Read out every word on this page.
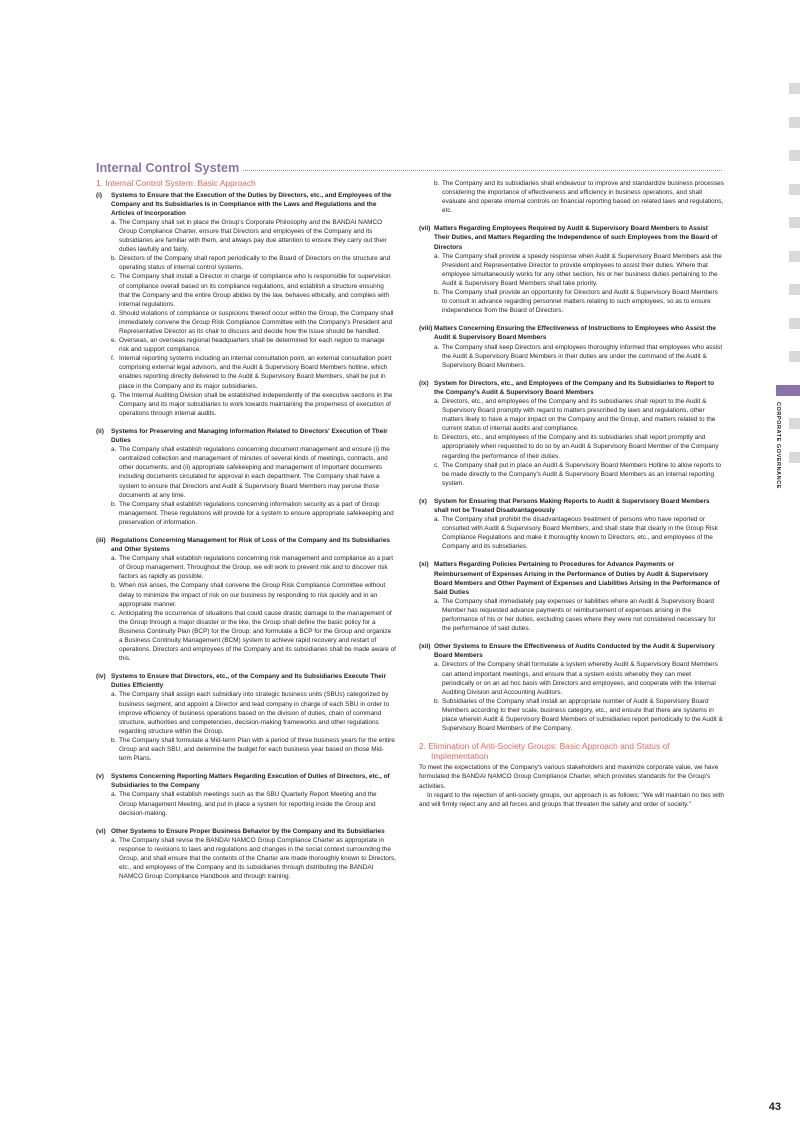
Internal Control System
1. Internal Control System: Basic Approach
(i)	Systems to Ensure that the Execution of the Duties by Directors, etc., and Employees of the Company and Its Subsidiaries Is in Compliance with the Laws and Regulations and the Articles of Incorporation
a. The Company shall set in place the Group's Corporate Philosophy and the BANDAI NAMCO Group Compliance Charter, ensure that Directors and employees of the Company and its subsidiaries are familiar with them, and always pay due attention to ensure they carry out their duties lawfully and fairly.
b. Directors of the Company shall report periodically to the Board of Directors on the structure and operating status of internal control systems.
c. The Company shall install a Director in charge of compliance who is responsible for supervision of compliance overall based on its compliance regulations, and establish a structure ensuring that the Company and the entire Group abides by the law, behaves ethically, and complies with internal regulations.
d. Should violations of compliance or suspicions thereof occur within the Group, the Company shall immediately convene the Group Risk Compliance Committee with the Company's President and Representative Director as its chair to discuss and decide how the issue should be handled.
e. Overseas, an overseas regional headquarters shall be determined for each region to manage risk and support compliance.
f. Internal reporting systems including an internal consultation point, an external consultation point comprising external legal advisors, and the Audit & Supervisory Board Members hotline, which enables reporting directly delivered to the Audit & Supervisory Board Members, shall be put in place in the Company and its major subsidiaries.
g. The Internal Auditing Division shall be established independently of the executive sections in the Company and its major subsidiaries to work towards maintaining the properness of execution of operations through internal audits.
(ii)	Systems for Preserving and Managing Information Related to Directors' Execution of Their Duties
a. The Company shall establish regulations concerning document management and ensure (i) the centralized collection and management of minutes of several kinds of meetings, contracts, and other documents, and (ii) appropriate safekeeping and management of important documents including documents circulated for approval in each department. The Company shall have a system to ensure that Directors and Audit & Supervisory Board Members may peruse those documents at any time.
b. The Company shall establish regulations concerning information security as a part of Group management. These regulations will provide for a system to ensure appropriate safekeeping and preservation of information.
(iii) Regulations Concerning Management for Risk of Loss of the Company and Its Subsidiaries and Other Systems
a. The Company shall establish regulations concerning risk management and compliance as a part of Group management. Throughout the Group, we will work to prevent risk and to discover risk factors as rapidly as possible.
b. When risk arises, the Company shall convene the Group Risk Compliance Committee without delay to minimize the impact of risk on our business by responding to risk quickly and in an appropriate manner.
c. Anticipating the occurrence of situations that could cause drastic damage to the management of the Group through a major disaster or the like, the Group shall define the basic policy for a Business Continuity Plan (BCP) for the Group; and formulate a BCP for the Group and organize a Business Continuity Management (BCM) system to achieve rapid recovery and restart of operations. Directors and employees of the Company and its subsidiaries shall be made aware of this.
(iv) Systems to Ensure that Directors, etc., of the Company and Its Subsidiaries Execute Their Duties Efficiently
a. The Company shall assign each subsidiary into strategic business units (SBUs) categorized by business segment, and appoint a Director and lead company in charge of each SBU in order to improve efficiency of business operations based on the division of duties, chain of command structure, authorities and competencies, decision-making frameworks and other regulations regarding structure within the Group.
b. The Company shall formulate a Mid-term Plan with a period of three business years for the entire Group and each SBU, and determine the budget for each business year based on those Mid-term Plans.
(v)	Systems Concerning Reporting Matters Regarding Execution of Duties of Directors, etc., of Subsidiaries to the Company
a. The Company shall establish meetings such as the SBU Quarterly Report Meeting and the Group Management Meeting, and put in place a system for reporting inside the Group and decision-making.
(vi) Other Systems to Ensure Proper Business Behavior by the Company and Its Subsidiaries
a. The Company shall revise the BANDAI NAMCO Group Compliance Charter as appropriate in response to revisions to laws and regulations and changes in the social context surrounding the Group, and shall ensure that the contents of the Charter are made thoroughly known to Directors, etc., and employees of the Company and its subsidiaries through distributing the BANDAI NAMCO Group Compliance Handbook and through training.
b. The Company and its subsidiaries shall endeavour to improve and standardize business processes considering the importance of effectiveness and efficiency in business operations, and shall evaluate and operate internal controls on financial reporting based on related laws and regulations, etc.
(vii) Matters Regarding Employees Required by Audit & Supervisory Board Members to Assist Their Duties, and Matters Regarding the Independence of such Employees from the Board of Directors
a. The Company shall provide a speedy response when Audit & Supervisory Board Members ask the President and Representative Director to provide employees to assist their duties. Where that employee simultaneously works for any other section, his or her business duties pertaining to the Audit & Supervisory Board Members shall take priority.
b. The Company shall provide an opportunity for Directors and Audit & Supervisory Board Members to consult in advance regarding personnel matters relating to such employees, so as to ensure independence from the Board of Directors.
(viii) Matters Concerning Ensuring the Effectiveness of Instructions to Employees who Assist the Audit & Supervisory Board Members
a. The Company shall keep Directors and employees thoroughly informed that employees who assist the Audit & Supervisory Board Members in their duties are under the command of the Audit & Supervisory Board Members.
(ix) System for Directors, etc., and Employees of the Company and Its Subsidiaries to Report to the Company's Audit & Supervisory Board Members
a. Directors, etc., and employees of the Company and its subsidiaries shall report to the Audit & Supervisory Board promptly with regard to matters prescribed by laws and regulations, other matters likely to have a major impact on the Company and the Group, and matters related to the current status of internal audits and compliance.
b. Directors, etc., and employees of the Company and its subsidiaries shall report promptly and appropriately when requested to do so by an Audit & Supervisory Board Member of the Company regarding the performance of their duties.
c. The Company shall put in place an Audit & Supervisory Board Members Hotline to allow reports to be made directly to the Company's Audit & Supervisory Board Members as an internal reporting system.
(x)	System for Ensuring that Persons Making Reports to Audit & Supervisory Board Members shall not be Treated Disadvantageously
a. The Company shall prohibit the disadvantageous treatment of persons who have reported or consulted with Audit & Supervisory Board Members, and shall state that clearly in the Group Risk Compliance Regulations and make it thoroughly known to Directors, etc., and employees of the Company and its subsidiaries.
(xi) Matters Regarding Policies Pertaining to Procedures for Advance Payments or Reimbursement of Expenses Arising in the Performance of Duties by Audit & Supervisory Board Members and Other Payment of Expenses and Liabilities Arising in the Performance of Said Duties
a. The Company shall immediately pay expenses or liabilities where an Audit & Supervisory Board Member has requested advance payments or reimbursement of expenses arising in the performance of his or her duties, excluding cases where they were not considered necessary for the performance of said duties.
(xii) Other Systems to Ensure the Effectiveness of Audits Conducted by the Audit & Supervisory Board Members
a. Directors of the Company shall formulate a system whereby Audit & Supervisory Board Members can attend important meetings, and ensure that a system exists whereby they can meet periodically or on an ad hoc basis with Directors and employees, and cooperate with the Internal Auditing Division and Accounting Auditors.
b. Subsidiaries of the Company shall install an appropriate number of Audit & Supervisory Board Members according to their scale, business category, etc., and ensure that there are systems in place wherein Audit & Supervisory Board Members of subsidiaries report periodically to the Audit & Supervisory Board Members of the Company.
2. Elimination of Anti-Society Groups: Basic Approach and Status of Implementation
To meet the expectations of the Company's various stakeholders and maximize corporate value, we have formulated the BANDAI NAMCO Group Compliance Charter, which provides standards for the Group's activities.
In regard to the rejection of anti-society groups, our approach is as follows: "We will maintain no ties with and will firmly reject any and all forces and groups that threaten the safety and order of society."
CORPORATE GOVERNANCE
43
